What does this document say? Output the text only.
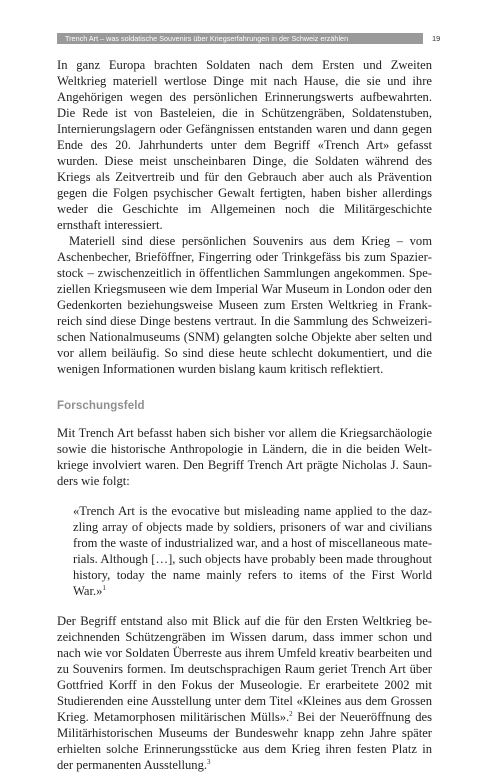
Trench Art – was soldatische Souvenirs über Kriegserfahrungen in der Schweiz erzählen	19

In ganz Europa brachten Soldaten nach dem Ersten und Zweiten Weltkrieg materiell wertlose Dinge mit nach Hause, die sie und ihre Angehörigen wegen des persönlichen Erinnerungswerts aufbewahrten. Die Rede ist von Basteleien, die in Schützengräben, Soldatenstuben, Internierungslagern oder Gefängnissen entstanden waren und dann gegen Ende des 20. Jahrhunderts unter dem Begriff «Trench Art» gefasst wurden. Diese meist unscheinbaren Dinge, die Soldaten während des Kriegs als Zeitvertreib und für den Gebrauch aber auch als Prävention gegen die Folgen psychischer Gewalt fertigten, haben bisher allerdings weder die Geschichte im Allgemeinen noch die Militärgeschichte ernsthaft interessiert.

Materiell sind diese persönlichen Souvenirs aus dem Krieg – vom Aschenbecher, Brieföffner, Fingerring oder Trinkgefäss bis zum Spazierstock – zwischenzeitlich in öffentlichen Sammlungen angekommen. Speziellen Kriegsmuseen wie dem Imperial War Museum in London oder den Gedenkorten beziehungsweise Museen zum Ersten Weltkrieg in Frankreich sind diese Dinge bestens vertraut. In die Sammlung des Schweizerischen Nationalmuseums (SNM) gelangten solche Objekte aber selten und vor allem beiläufig. So sind diese heute schlecht dokumentiert, und die wenigen Informationen wurden bislang kaum kritisch reflektiert.

Forschungsfeld

Mit Trench Art befasst haben sich bisher vor allem die Kriegsarchäologie sowie die historische Anthropologie in Ländern, die in die beiden Weltkriege involviert waren. Den Begriff Trench Art prägte Nicholas J. Saunders wie folgt:

«Trench Art is the evocative but misleading name applied to the dazzling array of objects made by soldiers, prisoners of war and civilians from the waste of industrialized war, and a host of miscellaneous materials. Although […], such objects have probably been made throughout history, today the name mainly refers to items of the First World War.»$^1$

Der Begriff entstand also mit Blick auf die für den Ersten Weltkrieg bezeichnenden Schützengräben im Wissen darum, dass immer schon und nach wie vor Soldaten Überreste aus ihrem Umfeld kreativ bearbeiten und zu Souvenirs formen. Im deutschsprachigen Raum geriet Trench Art über Gottfried Korff in den Fokus der Museologie. Er erarbeitete 2002 mit Studierenden eine Ausstellung unter dem Titel «Kleines aus dem Grossen Krieg. Metamorphosen militärischen Mülls».$^2$ Bei der Neueröffnung des Militärhistorischen Museums der Bundeswehr knapp zehn Jahre später erhielten solche Erinnerungsstücke aus dem Krieg ihren festen Platz in der permanenten Ausstellung.$^3$
